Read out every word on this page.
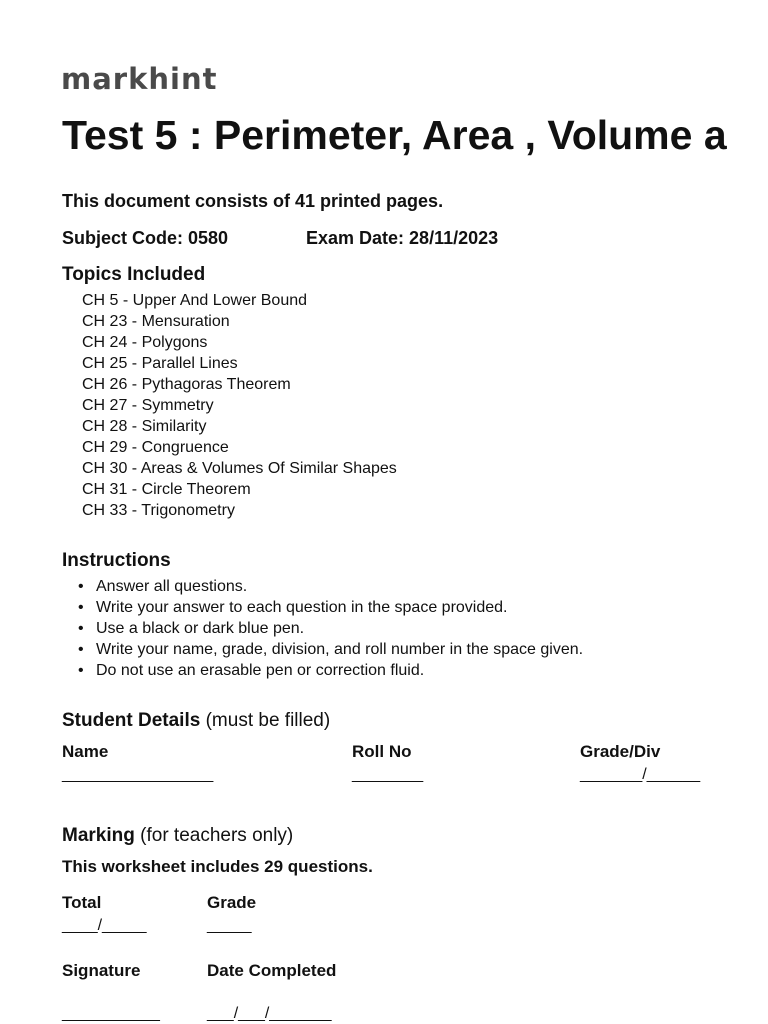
markhint
Test 5 : Perimeter, Area , Volume a
This document consists of 41 printed pages.
Subject Code: 0580	Exam Date: 28/11/2023
Topics Included
CH 5 - Upper And Lower Bound
CH 23 - Mensuration
CH 24 - Polygons
CH 25 - Parallel Lines
CH 26 - Pythagoras Theorem
CH 27 - Symmetry
CH 28 - Similarity
CH 29 - Congruence
CH 30 - Areas & Volumes Of Similar Shapes
CH 31 - Circle Theorem
CH 33 - Trigonometry
Instructions
• Answer all questions.
• Write your answer to each question in the space provided.
• Use a black or dark blue pen.
• Write your name, grade, division, and roll number in the space given.
• Do not use an erasable pen or correction fluid.
Student Details (must be filled)
Name
_________________
Roll No
________
Grade/Div
_______/______
Marking (for teachers only)
This worksheet includes 29 questions.
Total
____/_____
Grade
_____
Signature
___________
Date Completed
___/___/_______
